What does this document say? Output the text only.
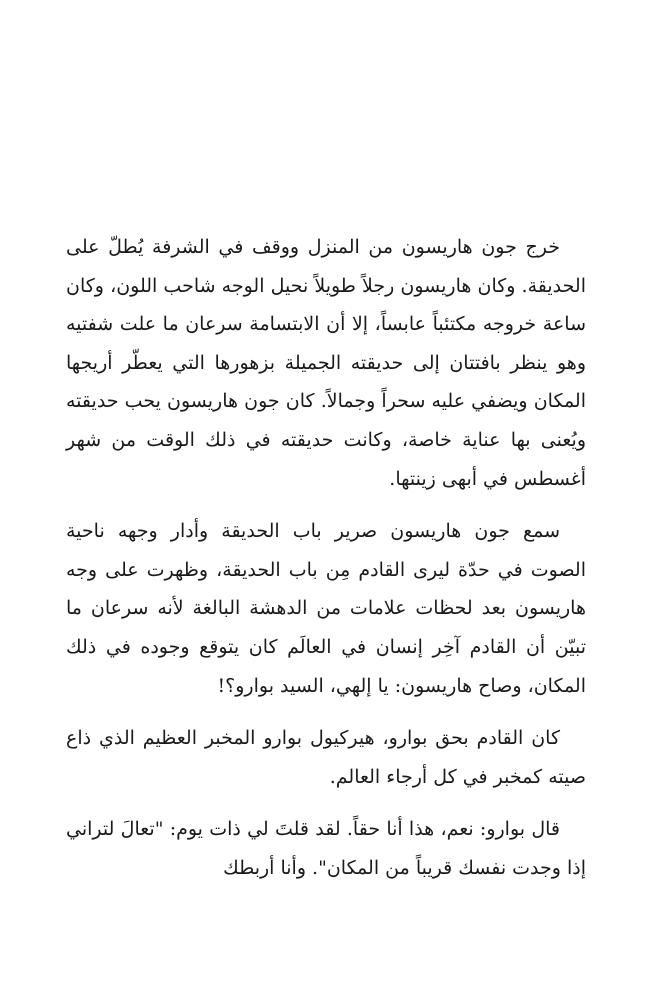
خرج جون هاريسون من المنزل ووقف في الشرفة يُطلّ على الحديقة. وكان هاريسون رجلاً طويلاً نحيل الوجه شاحب اللون، وكان ساعة خروجه مكتئباً عابساً، إلا أن الابتسامة سرعان ما علت شفتيه وهو ينظر بافتتان إلى حديقته الجميلة بزهورها التي يعطّر أريجها المكان ويضفي عليه سحراً وجمالاً. كان جون هاريسون يحب حديقته ويُعنى بها عناية خاصة، وكانت حديقته في ذلك الوقت من شهر أغسطس في أبهى زينتها.

سمع جون هاريسون صرير باب الحديقة وأدار وجهه ناحية الصوت في حدّة ليرى القادم مِن باب الحديقة، وظهرت على وجه هاريسون بعد لحظات علامات من الدهشة البالغة لأنه سرعان ما تبيّن أن القادم آخِر إنسان في العالَم كان يتوقع وجوده في ذلك المكان، وصاح هاريسون: يا إلهي، السيد بوارو؟!

كان القادم بحق بوارو، هيركيول بوارو المخبر العظيم الذي ذاع صيته كمخبر في كل أرجاء العالم.

قال بوارو: نعم، هذا أنا حقاً. لقد قلتَ لي ذات يوم: "تعالَ لتراني إذا وجدت نفسك قريباً من المكان". وأنا أربطك
